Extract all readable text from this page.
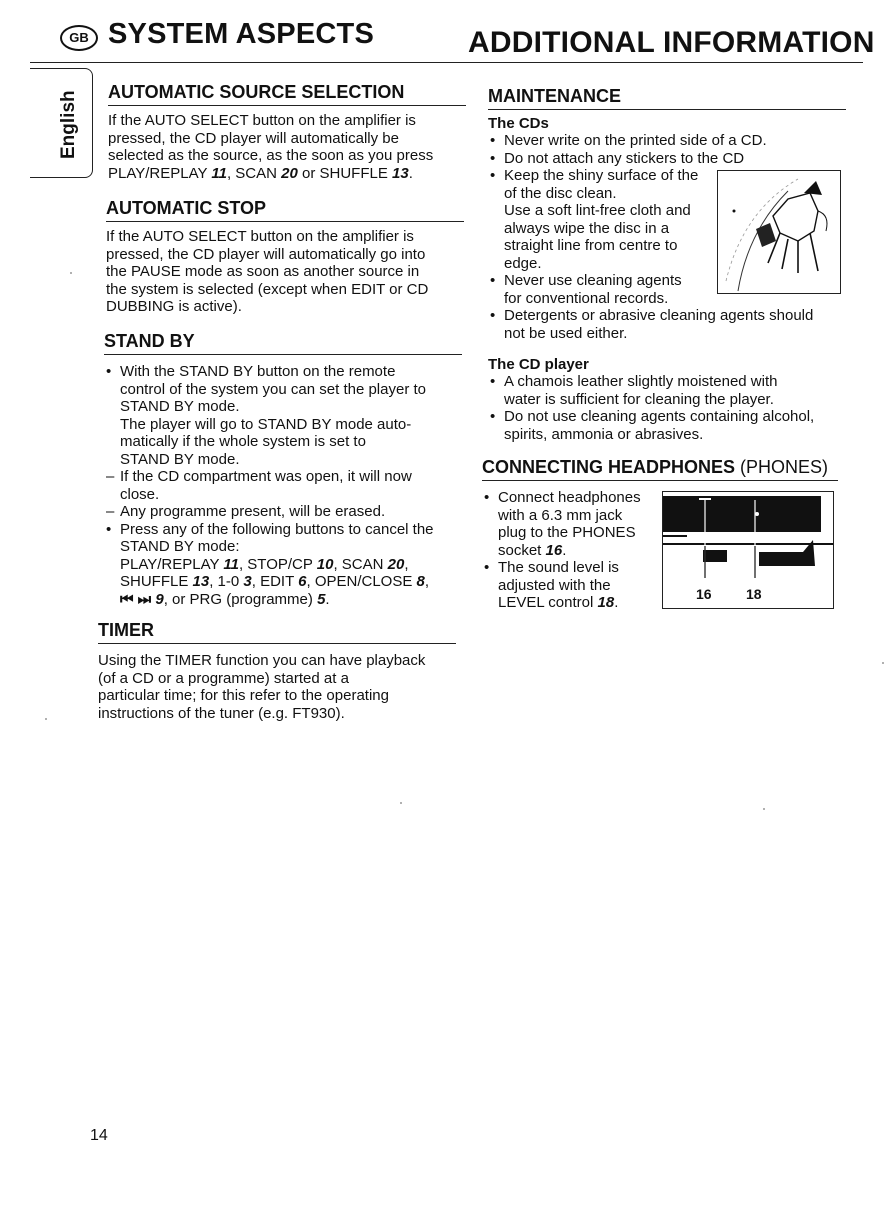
GB SYSTEM ASPECTS	ADDITIONAL INFORMATION
English	AUTOMATIC SOURCE SELECTION

If the AUTO SELECT button on the amplifier is

pressed, the CD player will automatically be

selected as the source, as the soon as you press

PLAY/REPLAY 11, SCAN 20 or SHUFFLE 13.

AUTOMATIC STOP

If the AUTO SELECT button on the amplifier is

pressed, the CD player will automatically go into

the PAUSE mode as soon as another source in

the system is selected (except when EDIT or CD

DUBBING is active).

STAND BY
• With the STAND BY button on the remote
control of the system you can set the player to
STAND BY mode.
The player will go to STAND BY mode auto-
matically if the whole system is set to
STAND BY mode.
– If the CD compartment was open, it will now
close.
– Any programme present, will be erased.
• Press any of the following buttons to cancel the
STAND BY mode:
PLAY/REPLAY 11, STOP/CP 10, SCAN 20,
SHUFFLE 13, 1-0 3, EDIT 6, OPEN/CLOSE 8,
⏮ ⏭ 9, or PRG (programme) 5.
TIMER

Using the TIMER function you can have playback

(of a CD or a programme) started at a

particular time; for this refer to the operating

instructions of the tuner (e.g. FT930).

MAINTENANCE
The CDs
• Never write on the printed side of a CD.
• Do not attach any stickers to the CD
• Keep the shiny surface of the
of the disc clean.
Use a soft lint-free cloth and
always wipe the disc in a
straight line from centre to
edge.
• Never use cleaning agents
for conventional records.
• Detergents or abrasive cleaning agents should
not be used either.
The CD player
• A chamois leather slightly moistened with
water is sufficient for cleaning the player.
• Do not use cleaning agents containing alcohol,
spirits, ammonia or abrasives.
CONNECTING HEADPHONES (PHONES)
• Connect headphones
with a 6.3 mm jack
plug to the PHONES
socket 16.
• The sound level is
adjusted with the
LEVEL control 18.	16 18
14
